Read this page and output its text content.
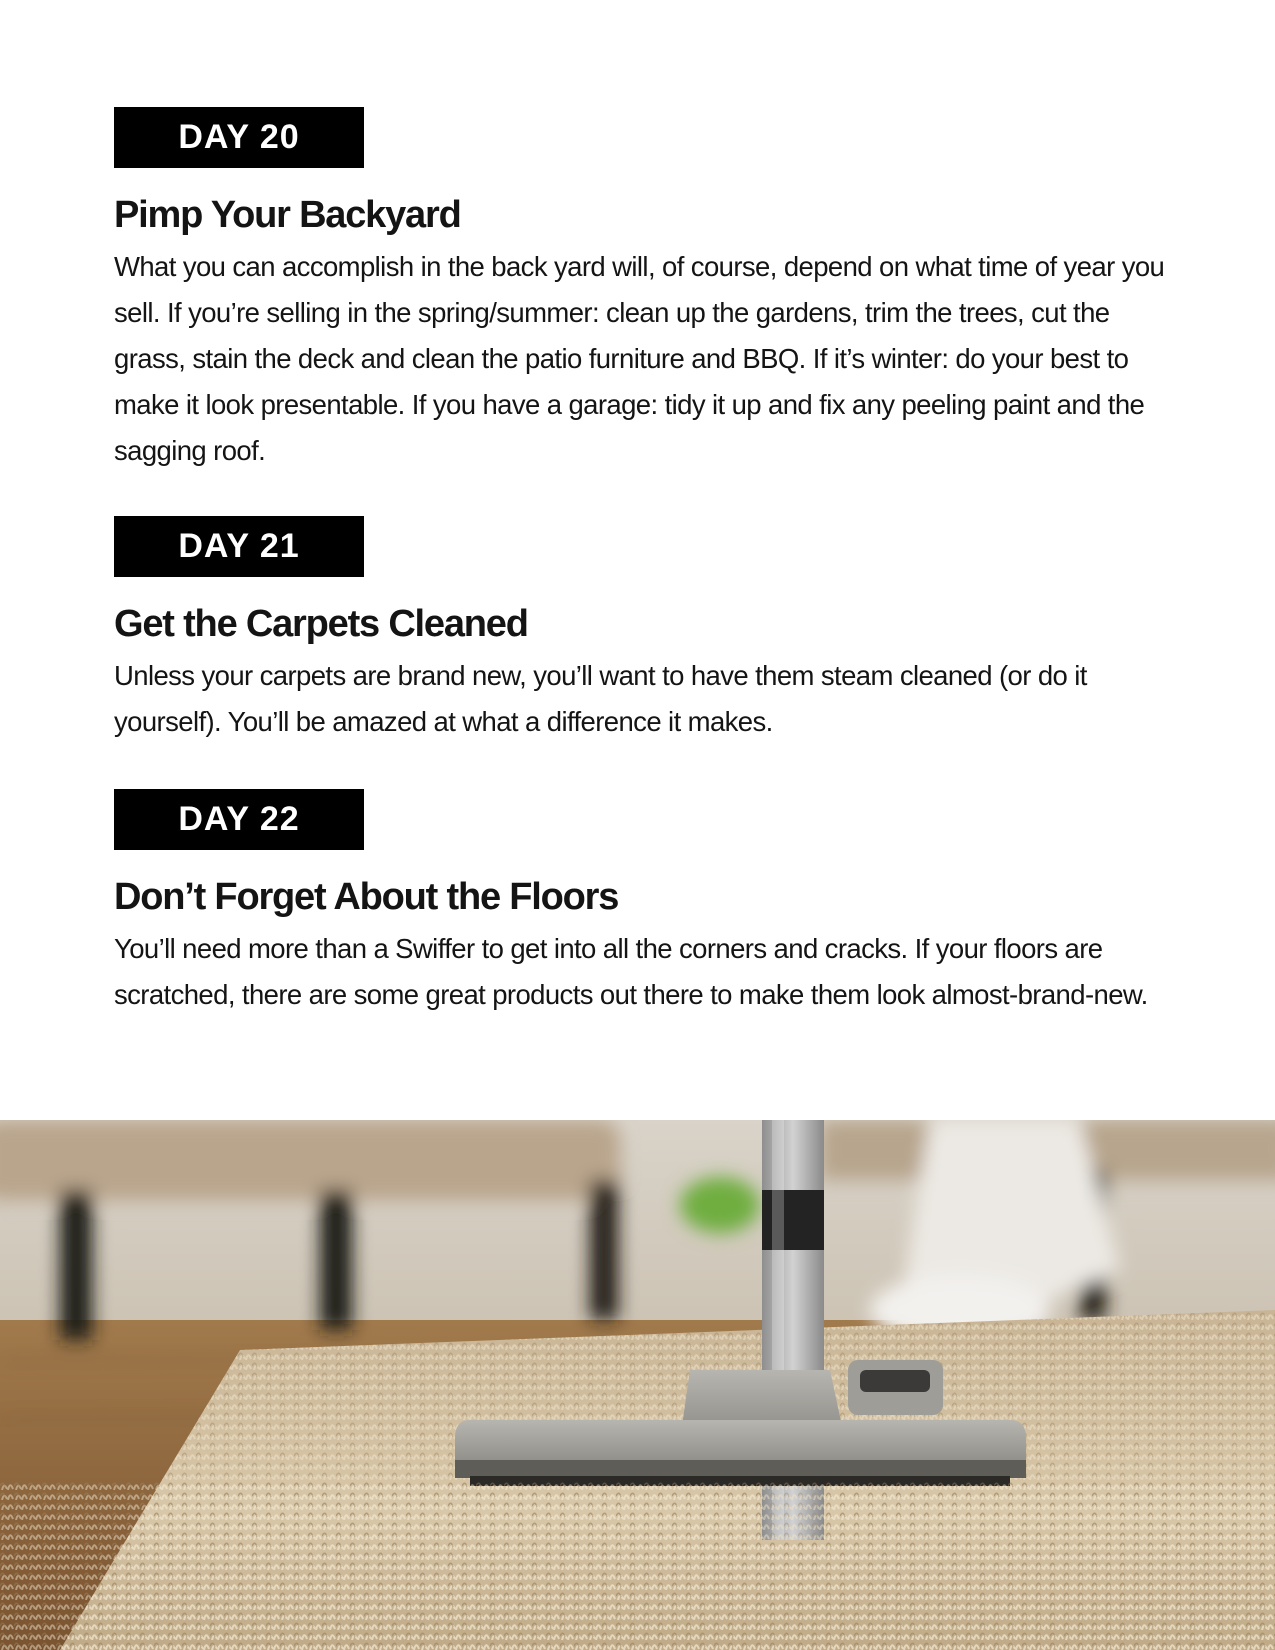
DAY 20
Pimp Your Backyard

What you can accomplish in the back yard will, of course, depend on what time of year you sell. If you’re selling in the spring/summer: clean up the gardens, trim the trees, cut the grass, stain the deck and clean the patio furniture and BBQ. If it’s winter: do your best to make it look presentable. If you have a garage: tidy it up and fix any peeling paint and the sagging roof.

DAY 21
Get the Carpets Cleaned

Unless your carpets are brand new, you’ll want to have them steam cleaned (or do it yourself). You’ll be amazed at what a difference it makes.

DAY 22
Don’t Forget About the Floors

You’ll need more than a Swiffer to get into all the corners and cracks. If your floors are scratched, there are some great products out there to make them look almost-brand-new.
